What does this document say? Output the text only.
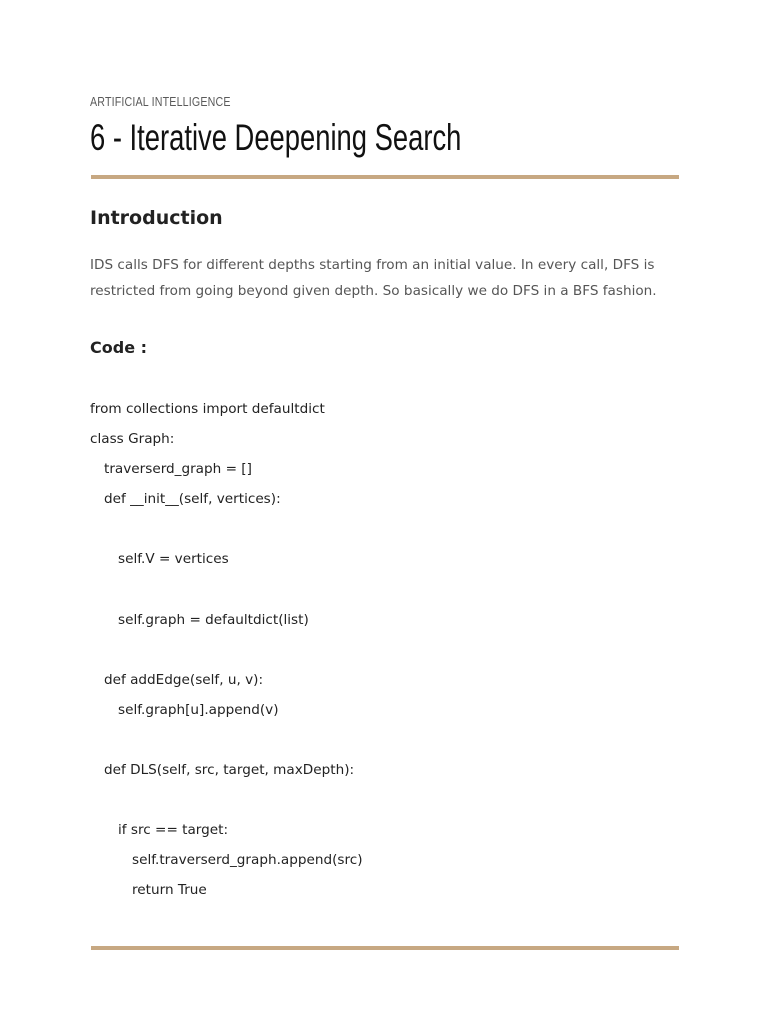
ARTIFICIAL INTELLIGENCE
6 - Iterative Deepening Search
Introduction

IDS calls DFS for different depths starting from an initial value. In every call, DFS is restricted from going beyond given depth. So basically we do DFS in a BFS fashion.

Code :
from collections import defaultdict
class Graph:
traverserd_graph = []
def __init__(self, vertices):
self.V = vertices
self.graph = defaultdict(list)
def addEdge(self, u, v):
self.graph[u].append(v)
def DLS(self, src, target, maxDepth):
if src == target:
self.traverserd_graph.append(src)
return True
